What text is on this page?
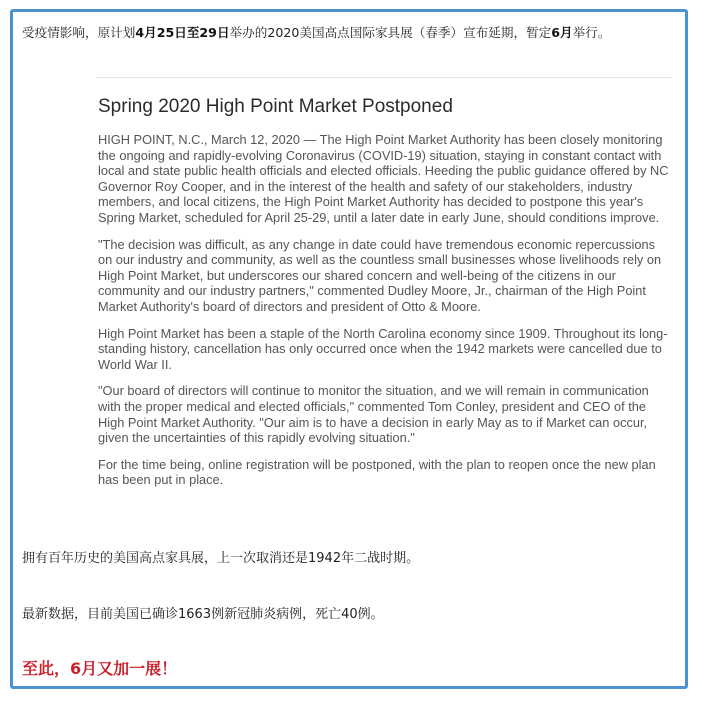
受疫情影响，原计划4月25日至29日举办的2020美国高点国际家具展（春季）宣布延期，暂定6月举行。
Spring 2020 High Point Market Postponed

HIGH POINT, N.C., March 12, 2020 — The High Point Market Authority has been closely monitoring the ongoing and rapidly-evolving Coronavirus (COVID-19) situation, staying in constant contact with local and state public health officials and elected officials. Heeding the public guidance offered by NC Governor Roy Cooper, and in the interest of the health and safety of our stakeholders, industry members, and local citizens, the High Point Market Authority has decided to postpone this year's Spring Market, scheduled for April 25-29, until a later date in early June, should conditions improve.

"The decision was difficult, as any change in date could have tremendous economic repercussions on our industry and community, as well as the countless small businesses whose livelihoods rely on High Point Market, but underscores our shared concern and well-being of the citizens in our community and our industry partners," commented Dudley Moore, Jr., chairman of the High Point Market Authority's board of directors and president of Otto & Moore.

High Point Market has been a staple of the North Carolina economy since 1909. Throughout its long-standing history, cancellation has only occurred once when the 1942 markets were cancelled due to World War II.

"Our board of directors will continue to monitor the situation, and we will remain in communication with the proper medical and elected officials," commented Tom Conley, president and CEO of the High Point Market Authority. "Our aim is to have a decision in early May as to if Market can occur, given the uncertainties of this rapidly evolving situation."

For the time being, online registration will be postponed, with the plan to reopen once the new plan has been put in place.

拥有百年历史的美国高点家具展，上一次取消还是1942年二战时期。
最新数据，目前美国已确诊1663例新冠肺炎病例，死亡40例。
至此，6月又加一展！
